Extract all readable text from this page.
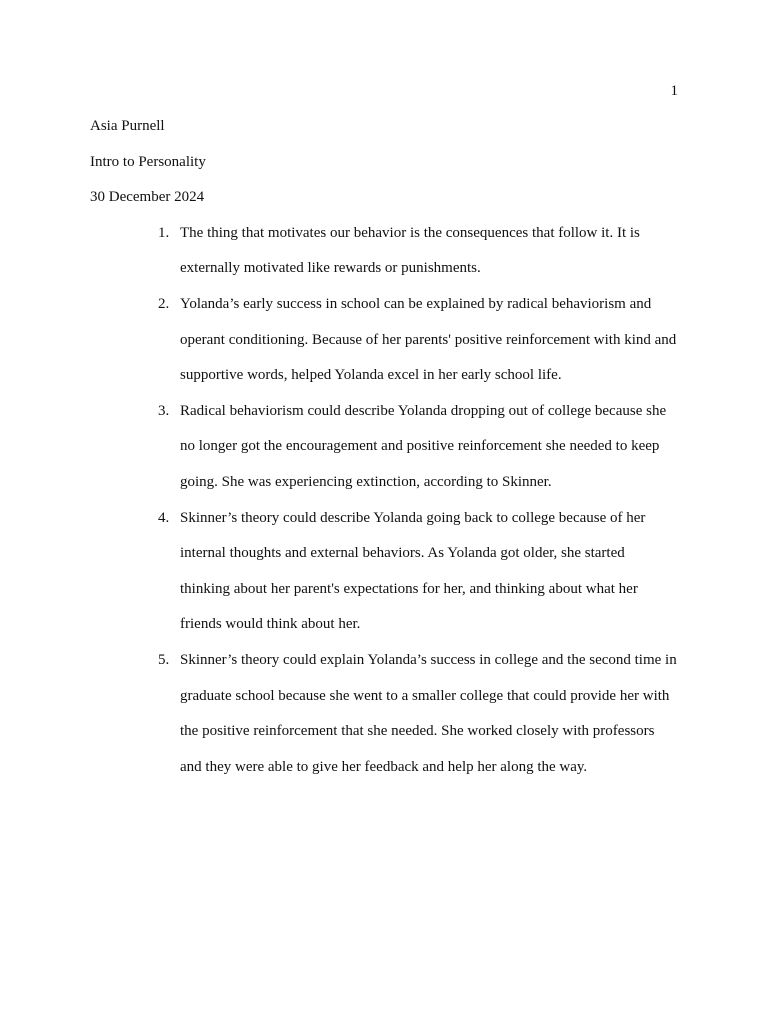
1

Asia Purnell

Intro to Personality

30 December 2024

1. The thing that motivates our behavior is the consequences that follow it. It is externally motivated like rewards or punishments.
2. Yolanda’s early success in school can be explained by radical behaviorism and operant conditioning. Because of her parents' positive reinforcement with kind and supportive words, helped Yolanda excel in her early school life.
3. Radical behaviorism could describe Yolanda dropping out of college because she no longer got the encouragement and positive reinforcement she needed to keep going. She was experiencing extinction, according to Skinner.
4. Skinner’s theory could describe Yolanda going back to college because of her internal thoughts and external behaviors. As Yolanda got older, she started thinking about her parent's expectations for her, and thinking about what her friends would think about her.
5. Skinner’s theory could explain Yolanda’s success in college and the second time in graduate school because she went to a smaller college that could provide her with the positive reinforcement that she needed. She worked closely with professors and they were able to give her feedback and help her along the way.
